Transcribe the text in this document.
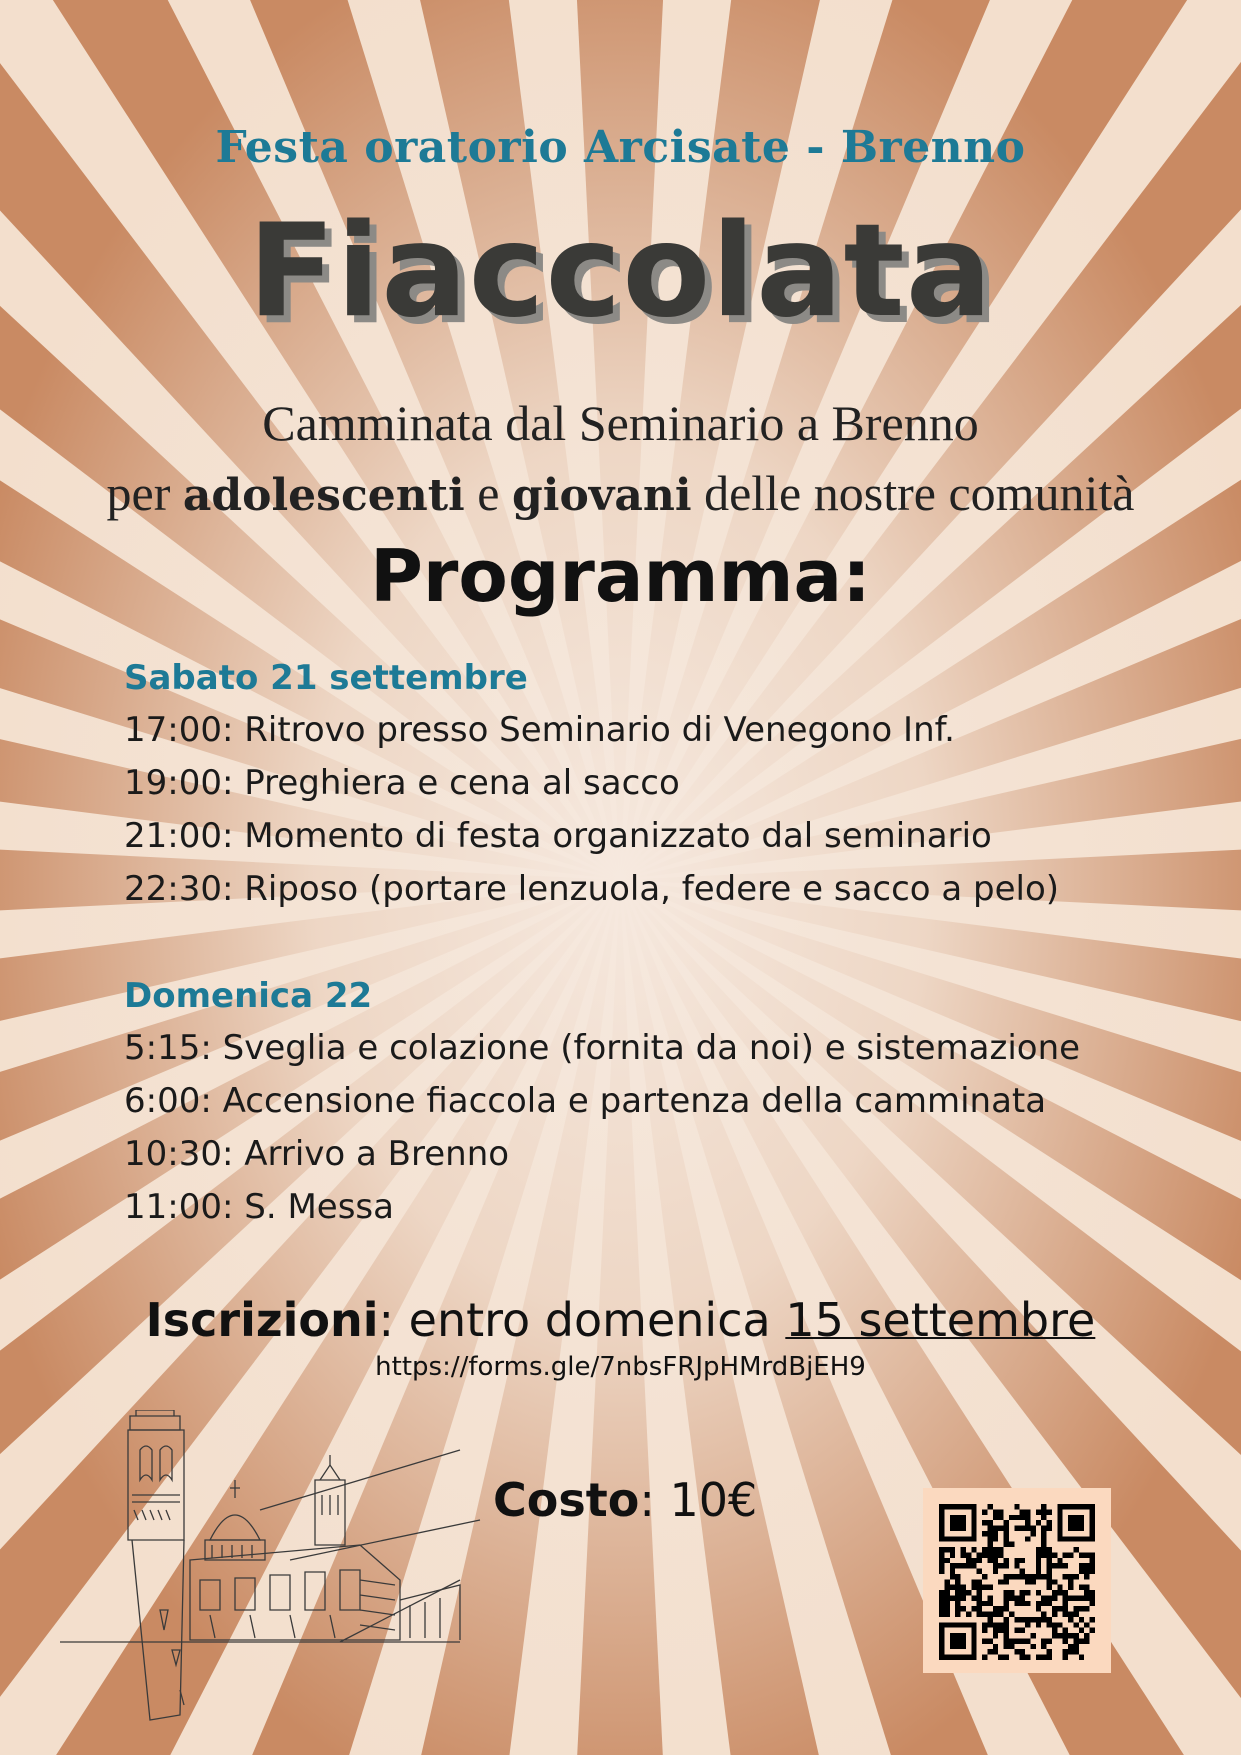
Festa oratorio Arcisate - Brenno
Fiaccolata
Camminata dal Seminario a Brenno
per adolescenti e giovani delle nostre comunità
Programma:
Sabato 21 settembre
17:00: Ritrovo presso Seminario di Venegono Inf.
19:00: Preghiera e cena al sacco
21:00: Momento di festa organizzato dal seminario
22:30: Riposo (portare lenzuola, federe e sacco a pelo)
Domenica 22
5:15: Sveglia e colazione (fornita da noi) e sistemazione
6:00: Accensione fiaccola e partenza della camminata
10:30: Arrivo a Brenno
11:00: S. Messa
Iscrizioni: entro domenica 15 settembre
https://forms.gle/7nbsFRJpHMrdBjEH9
Costo: 10€
